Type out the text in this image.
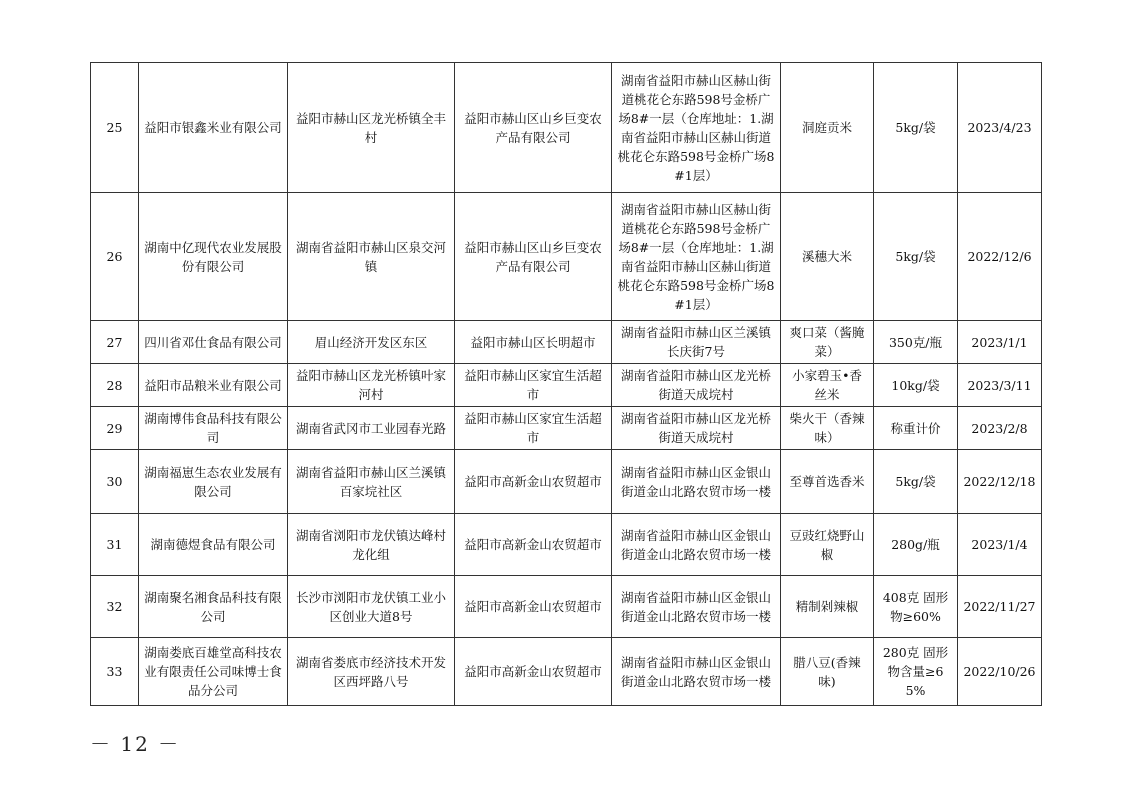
25	益阳市银鑫米业有限公司	益阳市赫山区龙光桥镇全丰村	益阳市赫山区山乡巨变农产品有限公司	湖南省益阳市赫山区赫山街道桃花仑东路598号金桥广场8#一层（仓库地址：1.湖南省益阳市赫山区赫山街道桃花仑东路598号金桥广场8#1层）	洞庭贡米	5kg/袋	2023/4/23
26	湖南中亿现代农业发展股份有限公司	湖南省益阳市赫山区泉交河镇	益阳市赫山区山乡巨变农产品有限公司	湖南省益阳市赫山区赫山街道桃花仑东路598号金桥广场8#一层（仓库地址：1.湖南省益阳市赫山区赫山街道桃花仑东路598号金桥广场8#1层）	溪穗大米	5kg/袋	2022/12/6
27	四川省邓仕食品有限公司	眉山经济开发区东区	益阳市赫山区长明超市	湖南省益阳市赫山区兰溪镇长庆街7号	爽口菜（酱腌菜）	350克/瓶	2023/1/1
28	益阳市品粮米业有限公司	益阳市赫山区龙光桥镇叶家河村	益阳市赫山区家宜生活超市	湖南省益阳市赫山区龙光桥街道天成垸村	小家碧玉•香丝米	10kg/袋	2023/3/11
29	湖南博伟食品科技有限公司	湖南省武冈市工业园春光路	益阳市赫山区家宜生活超市	湖南省益阳市赫山区龙光桥街道天成垸村	柴火干（香辣味）	称重计价	2023/2/8
30	湖南福崽生态农业发展有限公司	湖南省益阳市赫山区兰溪镇百家垸社区	益阳市高新金山农贸超市	湖南省益阳市赫山区金银山街道金山北路农贸市场一楼	至尊首选香米	5kg/袋	2022/12/18
31	湖南德煜食品有限公司	湖南省浏阳市龙伏镇达峰村龙化组	益阳市高新金山农贸超市	湖南省益阳市赫山区金银山街道金山北路农贸市场一楼	豆豉红烧野山椒	280g/瓶	2023/1/4
32	湖南聚名湘食品科技有限公司	长沙市浏阳市龙伏镇工业小区创业大道8号	益阳市高新金山农贸超市	湖南省益阳市赫山区金银山街道金山北路农贸市场一楼	精制剁辣椒	408克 固形物≥60%	2022/11/27
33	湖南娄底百雄堂高科技农业有限责任公司味博士食品分公司	湖南省娄底市经济技术开发区西坪路八号	益阳市高新金山农贸超市	湖南省益阳市赫山区金银山街道金山北路农贸市场一楼	腊八豆(香辣味)	280克 固形物含量≥65%	2022/10/26
－ 12 －
